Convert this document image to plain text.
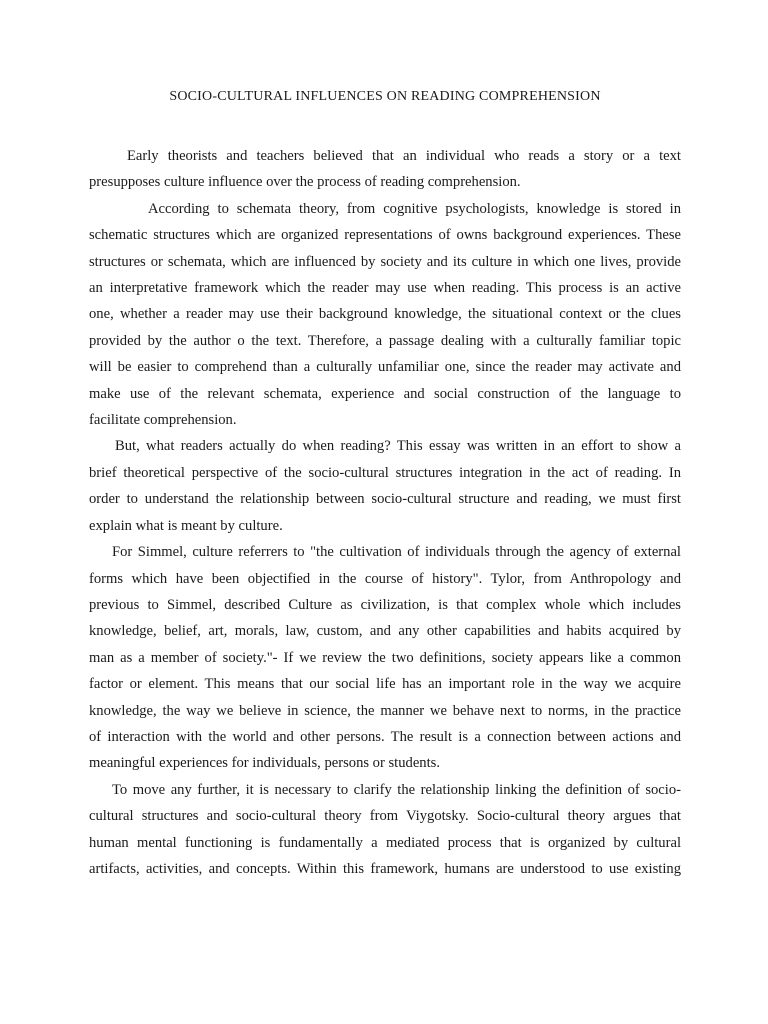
SOCIO-CULTURAL INFLUENCES ON READING COMPREHENSION
Early theorists and teachers believed that an individual who reads a story or a text
presupposes culture influence over the process of reading comprehension.
According to schemata theory, from cognitive psychologists, knowledge is stored in
schematic structures which are organized representations of owns background experiences. These
structures or schemata, which are influenced by society and its culture in which one lives, provide
an interpretative framework which the reader may use when reading. This process is an active
one, whether a reader may use their background knowledge, the situational context or the clues
provided by the author o the text. Therefore, a passage dealing with a culturally familiar topic
will be easier to comprehend than a culturally unfamiliar one, since the reader may activate and
make use of the relevant schemata, experience and social construction of the language to
facilitate comprehension.
But, what readers actually do when reading? This essay was written in an effort to show a
brief theoretical perspective of the socio-cultural structures integration in the act of reading. In
order to understand the relationship between socio-cultural structure and reading, we must first
explain what is meant by culture.
For Simmel, culture referrers to "the cultivation of individuals through the agency of external
forms which have been objectified in the course of history". Tylor, from Anthropology and
previous to Simmel, described Culture as civilization, is that complex whole which includes
knowledge, belief, art, morals, law, custom, and any other capabilities and habits acquired by
man as a member of society."- If we review the two definitions, society appears like a common
factor or element. This means that our social life has an important role in the way we acquire
knowledge, the way we believe in science, the manner we behave next to norms, in the practice
of interaction with the world and other persons. The result is a connection between actions and
meaningful experiences for individuals, persons or students.
To move any further, it is necessary to clarify the relationship linking the definition of socio-
cultural structures and socio-cultural theory from Viygotsky. Socio-cultural theory argues that
human mental functioning is fundamentally a mediated process that is organized by cultural
artifacts, activities, and concepts. Within this framework, humans are understood to use existing
